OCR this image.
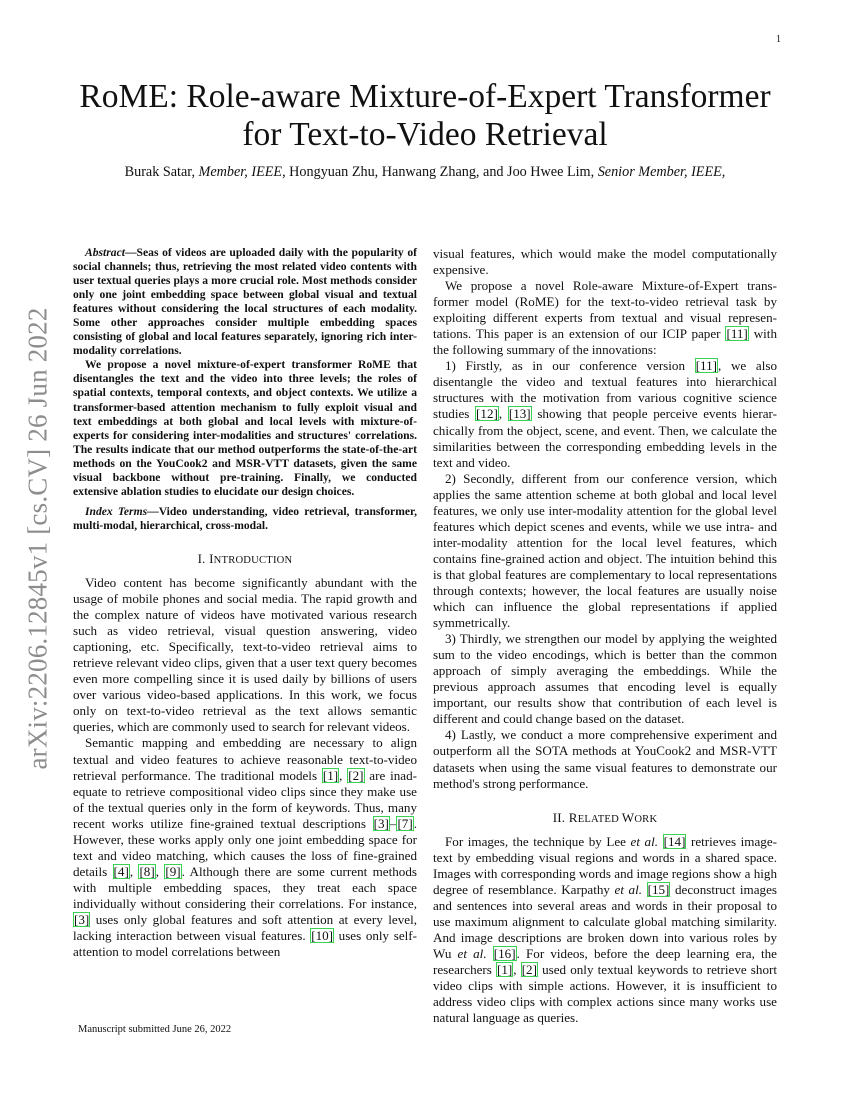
1
arXiv:2206.12845v1 [cs.CV] 26 Jun 2022
RoME: Role-aware Mixture-of-Expert Transformer
for Text-to-Video Retrieval
Burak Satar, Member, IEEE, Hongyuan Zhu, Hanwang Zhang, and Joo Hwee Lim, Senior Member, IEEE,

Abstract—Seas of videos are uploaded daily with the popularity of social channels; thus, retrieving the most related video contents with user textual queries plays a more crucial role. Most methods consider only one joint embedding space between global visual and textual features without considering the local structures of each modality. Some other approaches consider multiple embedding spaces consisting of global and local features separately, ignoring rich inter-modality correlations.

We propose a novel mixture-of-expert transformer RoME that disentangles the text and the video into three levels; the roles of spatial contexts, temporal contexts, and object contexts. We utilize a transformer-based attention mechanism to fully exploit visual and text embeddings at both global and local levels with mixture-of-experts for considering inter-modalities and structures' correlations. The results indicate that our method outperforms the state-of-the-art methods on the YouCook2 and MSR-VTT datasets, given the same visual backbone without pre-training. Finally, we conducted extensive ablation studies to elucidate our design choices.

Index Terms—Video understanding, video retrieval, transformer, multi-modal, hierarchical, cross-modal.

I. INTRODUCTION

Video content has become significantly abundant with the usage of mobile phones and social media. The rapid growth and the complex nature of videos have motivated various research such as video retrieval, visual question answering, video captioning, etc. Specifically, text-to-video retrieval aims to retrieve relevant video clips, given that a user text query becomes even more compelling since it is used daily by billions of users over various video-based applications. In this work, we focus only on text-to-video retrieval as the text allows semantic queries, which are commonly used to search for relevant videos.

Semantic mapping and embedding are necessary to align textual and video features to achieve reasonable text-to-video retrieval performance. The traditional models [1], [2] are inad-equate to retrieve compositional video clips since they make use of the textual queries only in the form of keywords. Thus, many recent works utilize fine-grained textual descriptions [3]–[7]. However, these works apply only one joint embedding space for text and video matching, which causes the loss of fine-grained details [4], [8], [9]. Although there are some current methods with multiple embedding spaces, they treat each space individually without considering their correlations. For instance, [3] uses only global features and soft attention at every level, lacking interaction between visual features. [10] uses only self-attention to model correlations between

visual features, which would make the model computationally expensive.

We propose a novel Role-aware Mixture-of-Expert trans-former model (RoME) for the text-to-video retrieval task by exploiting different experts from textual and visual represen-tations. This paper is an extension of our ICIP paper [11] with the following summary of the innovations:

1) Firstly, as in our conference version [11], we also disentangle the video and textual features into hierarchical structures with the motivation from various cognitive science studies [12], [13] showing that people perceive events hierar-chically from the object, scene, and event. Then, we calculate the similarities between the corresponding embedding levels in the text and video.

2) Secondly, different from our conference version, which applies the same attention scheme at both global and local level features, we only use inter-modality attention for the global level features which depict scenes and events, while we use intra- and inter-modality attention for the local level features, which contains fine-grained action and object. The intuition behind this is that global features are complementary to local representations through contexts; however, the local features are usually noise which can influence the global representations if applied symmetrically.

3) Thirdly, we strengthen our model by applying the weighted sum to the video encodings, which is better than the common approach of simply averaging the embeddings. While the previous approach assumes that encoding level is equally important, our results show that contribution of each level is different and could change based on the dataset.

4) Lastly, we conduct a more comprehensive experiment and outperform all the SOTA methods at YouCook2 and MSR-VTT datasets when using the same visual features to demonstrate our method's strong performance.

II. RELATED WORK

For images, the technique by Lee et al. [14] retrieves image-text by embedding visual regions and words in a shared space. Images with corresponding words and image regions show a high degree of resemblance. Karpathy et al. [15] deconstruct images and sentences into several areas and words in their proposal to use maximum alignment to calculate global matching similarity. And image descriptions are broken down into various roles by Wu et al. [16]. For videos, before the deep learning era, the researchers [1], [2] used only textual keywords to retrieve short video clips with simple actions. However, it is insufficient to address video clips with complex actions since many works use natural language as queries.

Manuscript submitted June 26, 2022
